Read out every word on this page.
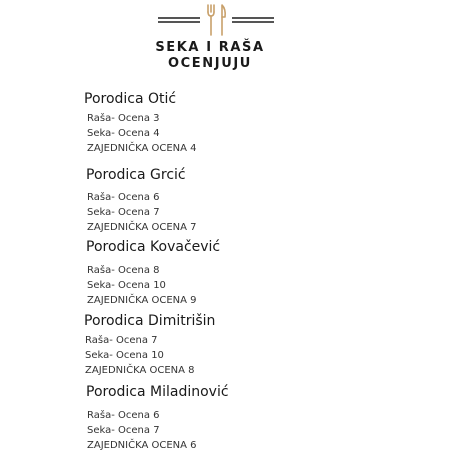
SEKA I RAŠA
OCENJUJU
Porodica Otić
Raša- Ocena 3
Seka- Ocena 4
ZAJEDNIČKA OCENA 4
Porodica Grcić
Raša- Ocena 6
Seka- Ocena 7
ZAJEDNIČKA OCENA 7
Porodica Kovačević
Raša- Ocena 8
Seka- Ocena 10
ZAJEDNIČKA OCENA 9
Porodica Dimitrišin
Raša- Ocena 7
Seka- Ocena 10
ZAJEDNIČKA OCENA 8
Porodica Miladinović
Raša- Ocena 6
Seka- Ocena 7
ZAJEDNIČKA OCENA 6
